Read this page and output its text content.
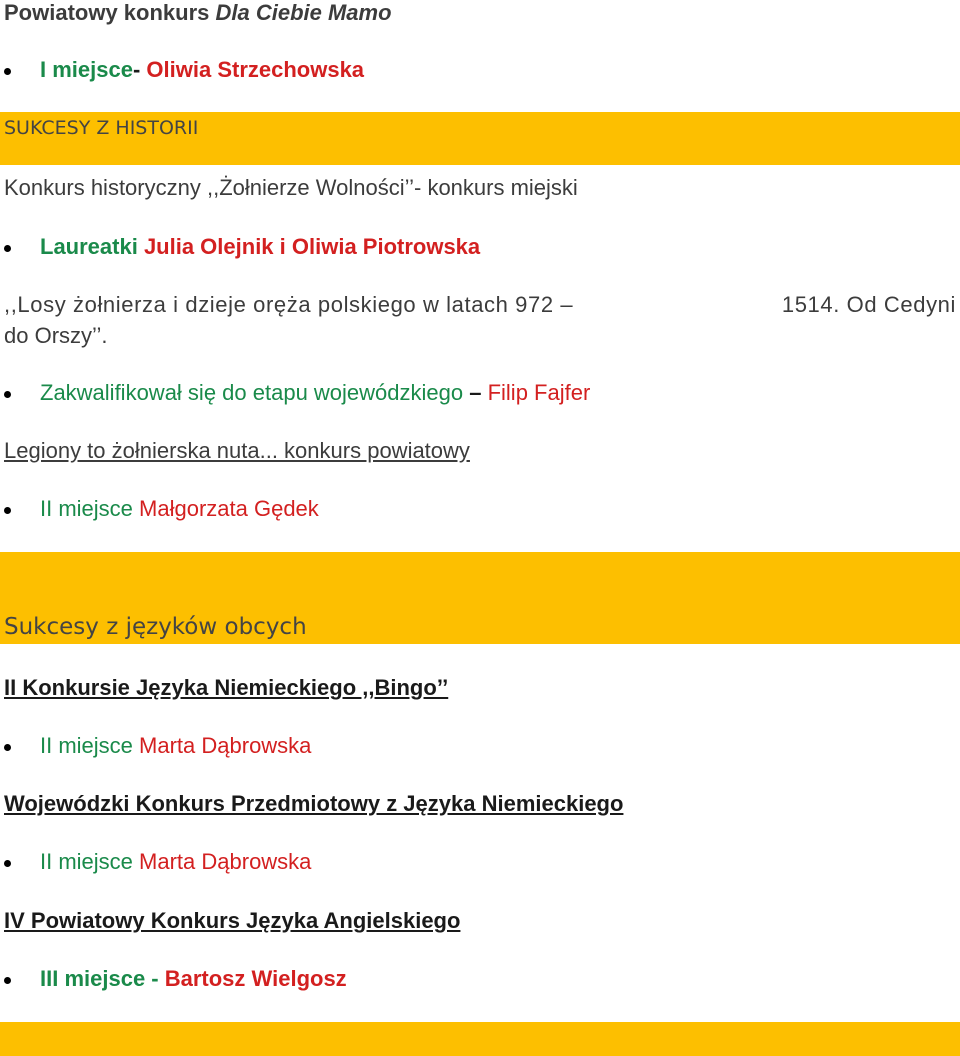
Powiatowy konkurs Dla Ciebie Mamo
I miejsce- Oliwia Strzechowska
SUKCESY Z HISTORII
Konkurs historyczny ,,Żołnierze Wolności’’- konkurs miejski
Laureatki Julia Olejnik i Oliwia Piotrowska
,,Losy żołnierza i dzieje oręża polskiego w latach 972 –	1514. Od Cedyni
do Orszy’’.
Zakwalifikował się do etapu wojewódzkiego – Filip Fajfer
Legiony to żołnierska nuta... konkurs powiatowy
II miejsce Małgorzata Gędek
Sukcesy z języków obcych
II Konkursie Języka Niemieckiego ,,Bingo’’
II miejsce Marta Dąbrowska
Wojewódzki Konkurs Przedmiotowy z Języka Niemieckiego
II miejsce Marta Dąbrowska
IV Powiatowy Konkurs Języka Angielskiego
III miejsce - Bartosz Wielgosz
